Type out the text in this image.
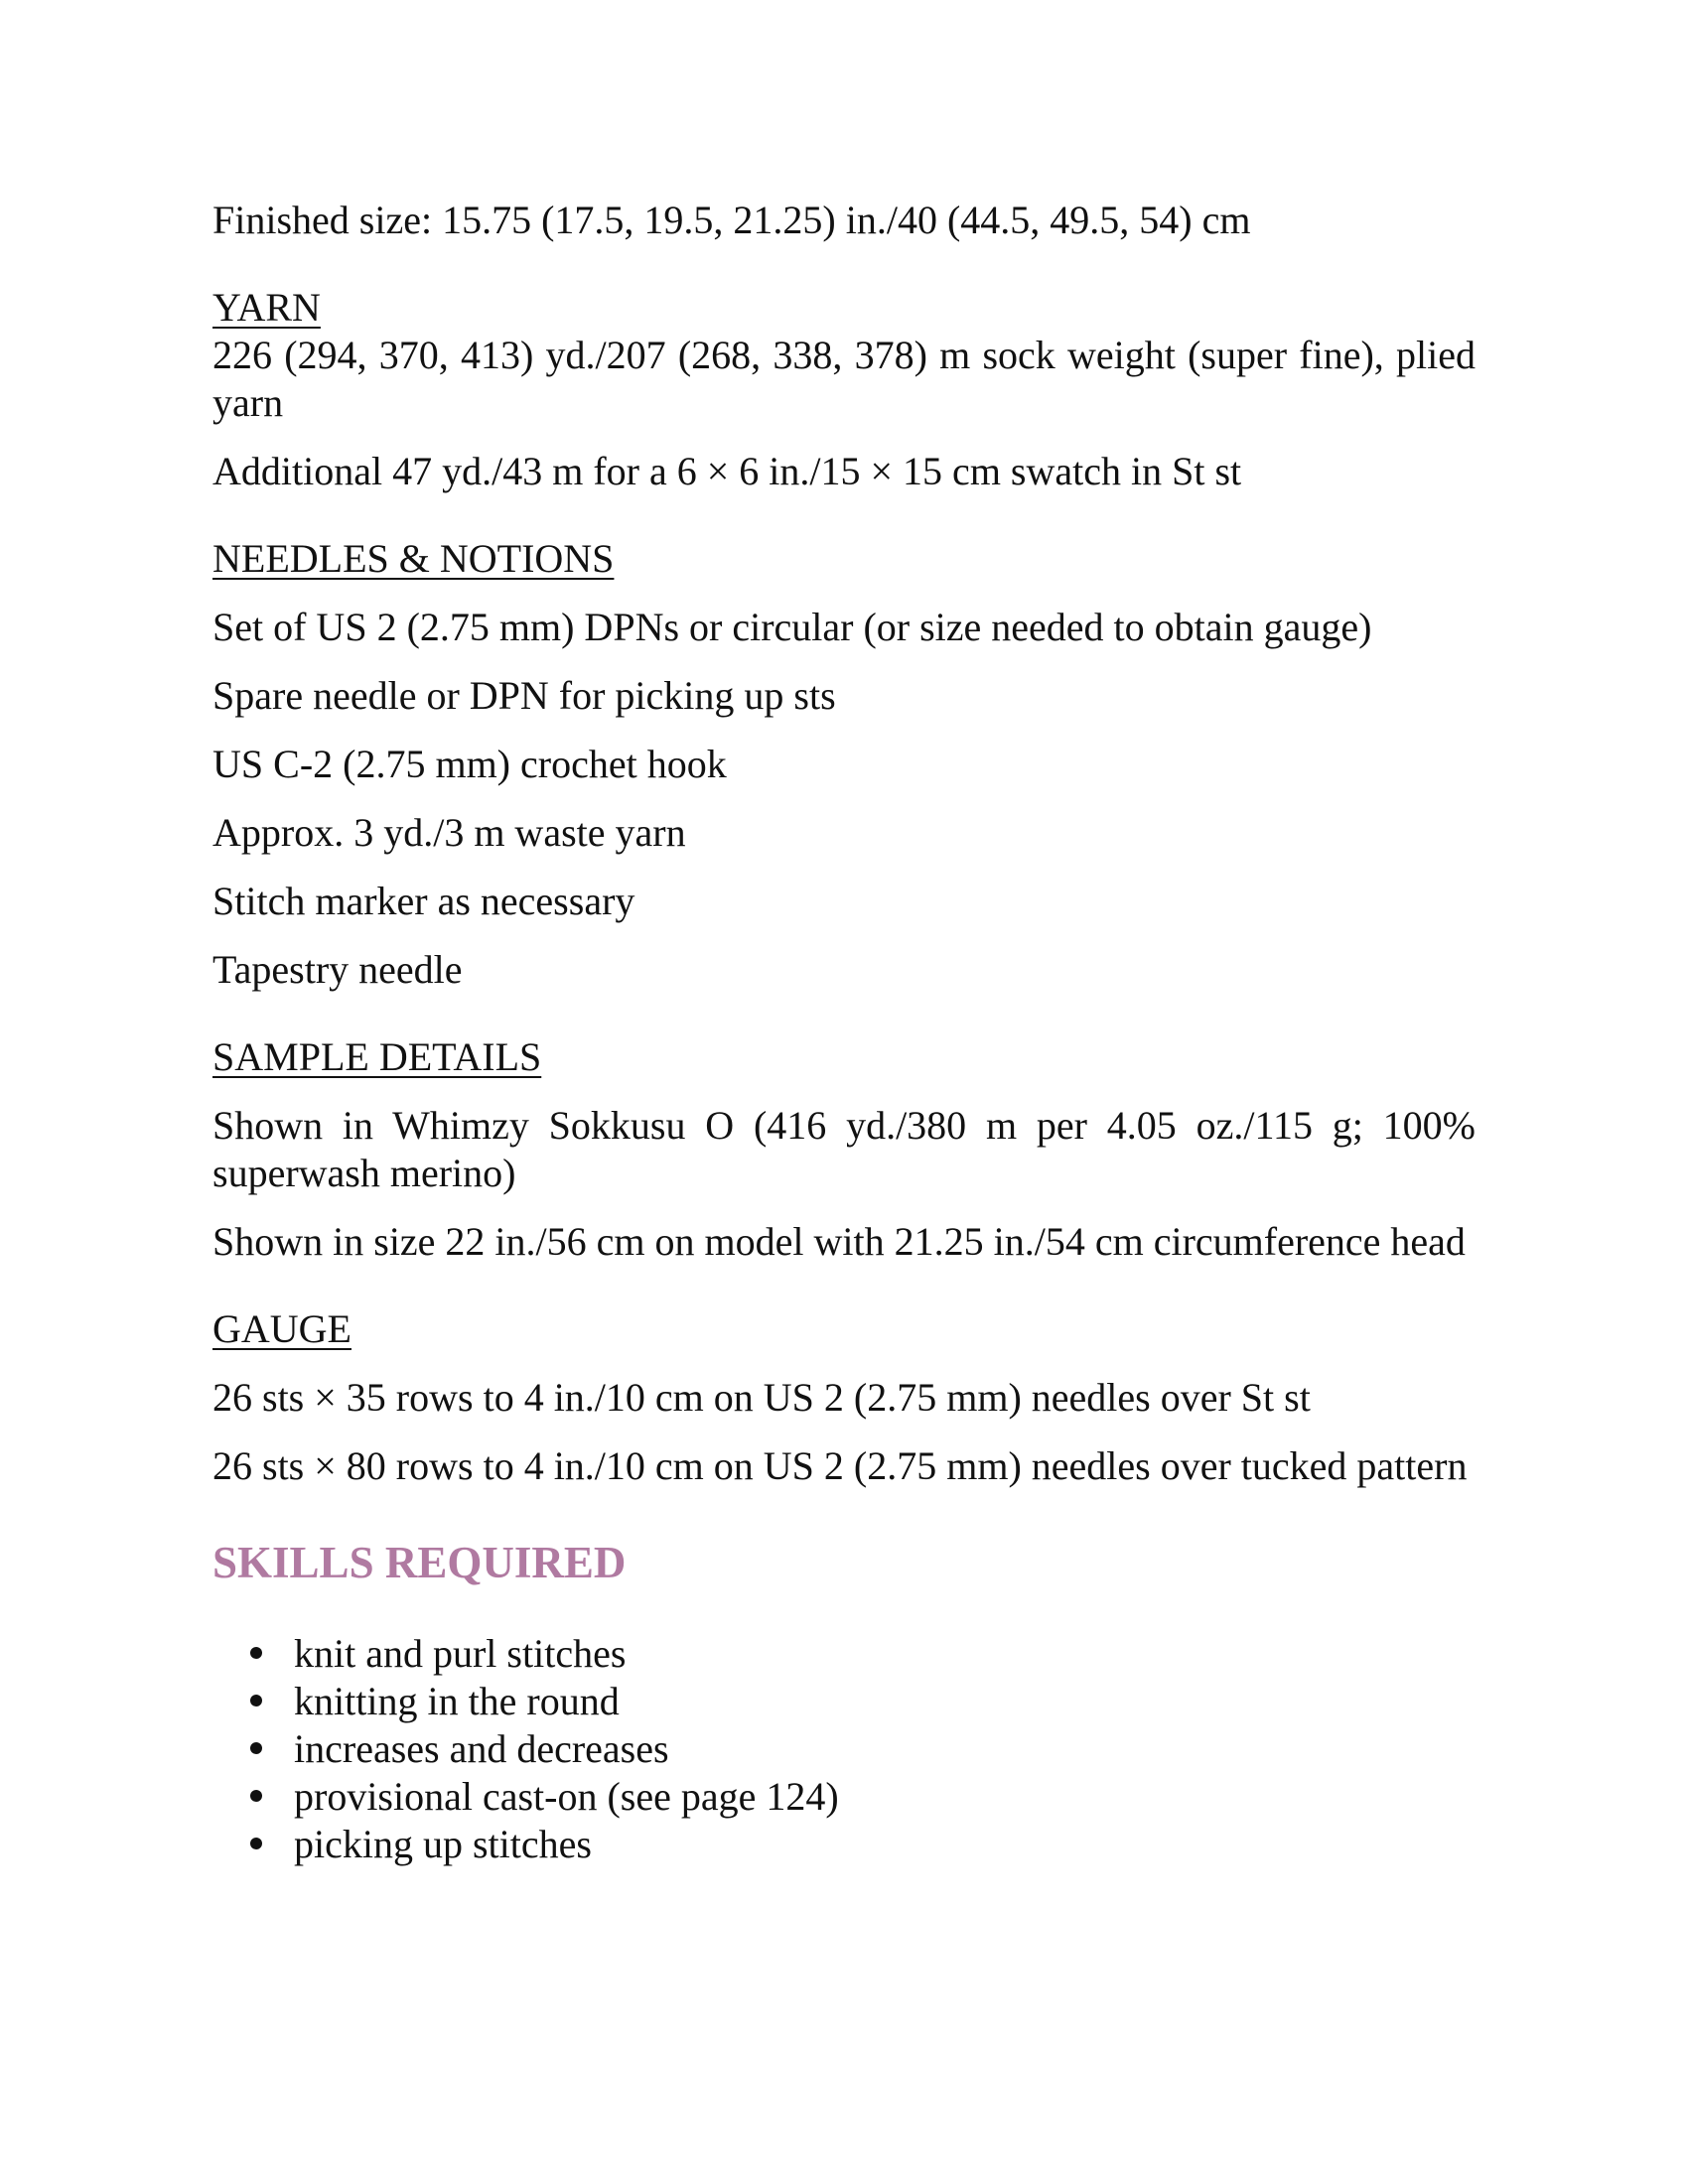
Finished size: 15.75 (17.5, 19.5, 21.25) in./40 (44.5, 49.5, 54) cm

YARN

226 (294, 370, 413) yd./207 (268, 338, 378) m sock weight (super fine), plied yarn

Additional 47 yd./43 m for a 6 × 6 in./15 × 15 cm swatch in St st

NEEDLES & NOTIONS

Set of US 2 (2.75 mm) DPNs or circular (or size needed to obtain gauge)

Spare needle or DPN for picking up sts

US C-2 (2.75 mm) crochet hook

Approx. 3 yd./3 m waste yarn

Stitch marker as necessary

Tapestry needle

SAMPLE DETAILS

Shown in Whimzy Sokkusu O (416 yd./380 m per 4.05 oz./115 g; 100% superwash merino)

Shown in size 22 in./56 cm on model with 21.25 in./54 cm circumference head

GAUGE

26 sts × 35 rows to 4 in./10 cm on US 2 (2.75 mm) needles over St st

26 sts × 80 rows to 4 in./10 cm on US 2 (2.75 mm) needles over tucked pattern

SKILLS REQUIRED

knit and purl stitches
knitting in the round
increases and decreases
provisional cast-on (see page 124)
picking up stitches
